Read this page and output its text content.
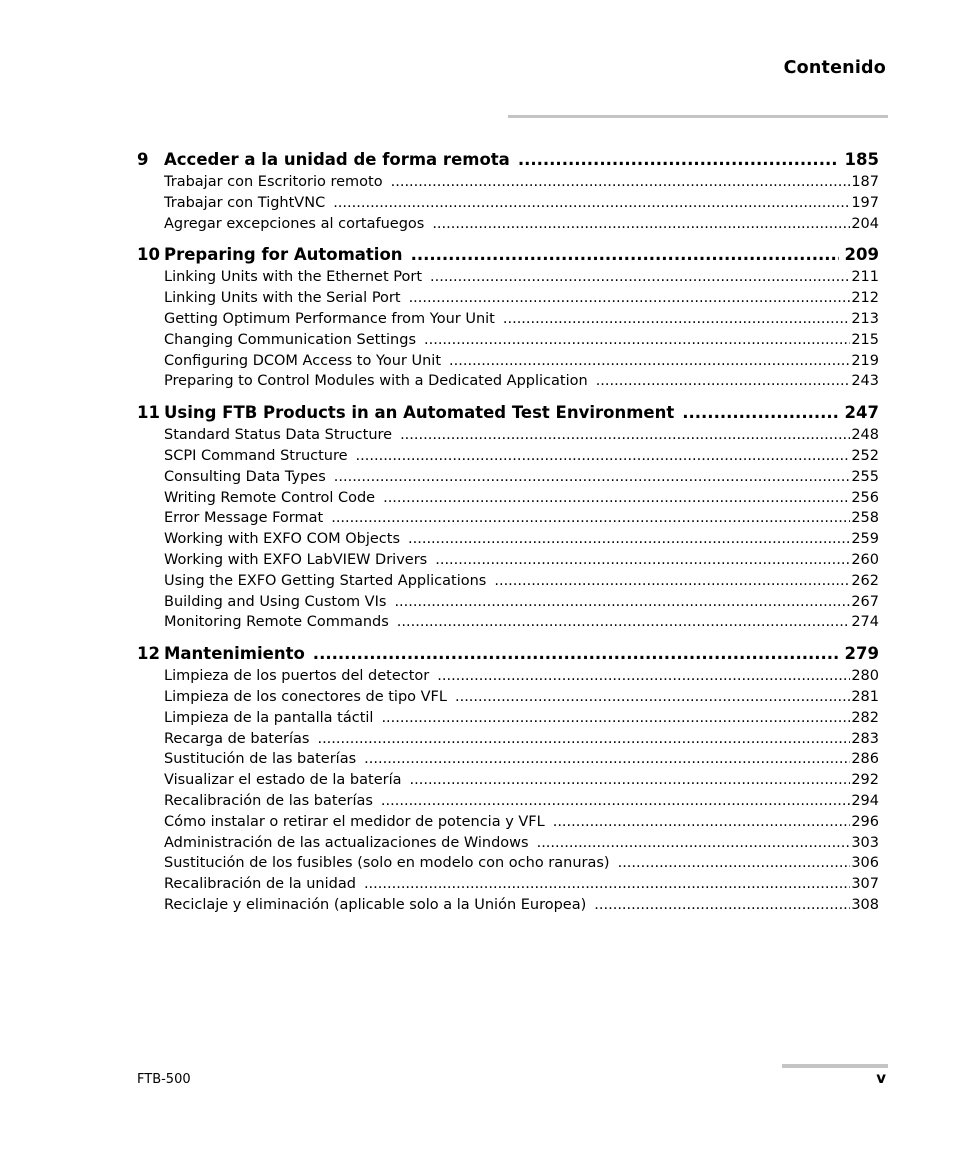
Contenido
9 Acceder a la unidad de forma remota .....	185
Trabajar con Escritorio remoto .....	187
Trabajar con TightVNC .....	197
Agregar excepciones al cortafuegos .....	204
10 Preparing for Automation .....	209
Linking Units with the Ethernet Port .....	211
Linking Units with the Serial Port .....	212
Getting Optimum Performance from Your Unit .....	213
Changing Communication Settings .....	215
Configuring DCOM Access to Your Unit .....	219
Preparing to Control Modules with a Dedicated Application .....	243
11 Using FTB Products in an Automated Test Environment .....	247
Standard Status Data Structure .....	248
SCPI Command Structure .....	252
Consulting Data Types .....	255
Writing Remote Control Code .....	256
Error Message Format .....	258
Working with EXFO COM Objects .....	259
Working with EXFO LabVIEW Drivers .....	260
Using the EXFO Getting Started Applications .....	262
Building and Using Custom VIs .....	267
Monitoring Remote Commands .....	274
12 Mantenimiento .....	279
Limpieza de los puertos del detector .....	280
Limpieza de los conectores de tipo VFL .....	281
Limpieza de la pantalla táctil .....	282
Recarga de baterías .....	283
Sustitución de las baterías .....	286
Visualizar el estado de la batería .....	292
Recalibración de las baterías .....	294
Cómo instalar o retirar el medidor de potencia y VFL .....	296
Administración de las actualizaciones de Windows .....	303
Sustitución de los fusibles (solo en modelo con ocho ranuras) .....	306
Recalibración de la unidad .....	307
Reciclaje y eliminación (aplicable solo a la Unión Europea) .....	308
FTB-500	v
